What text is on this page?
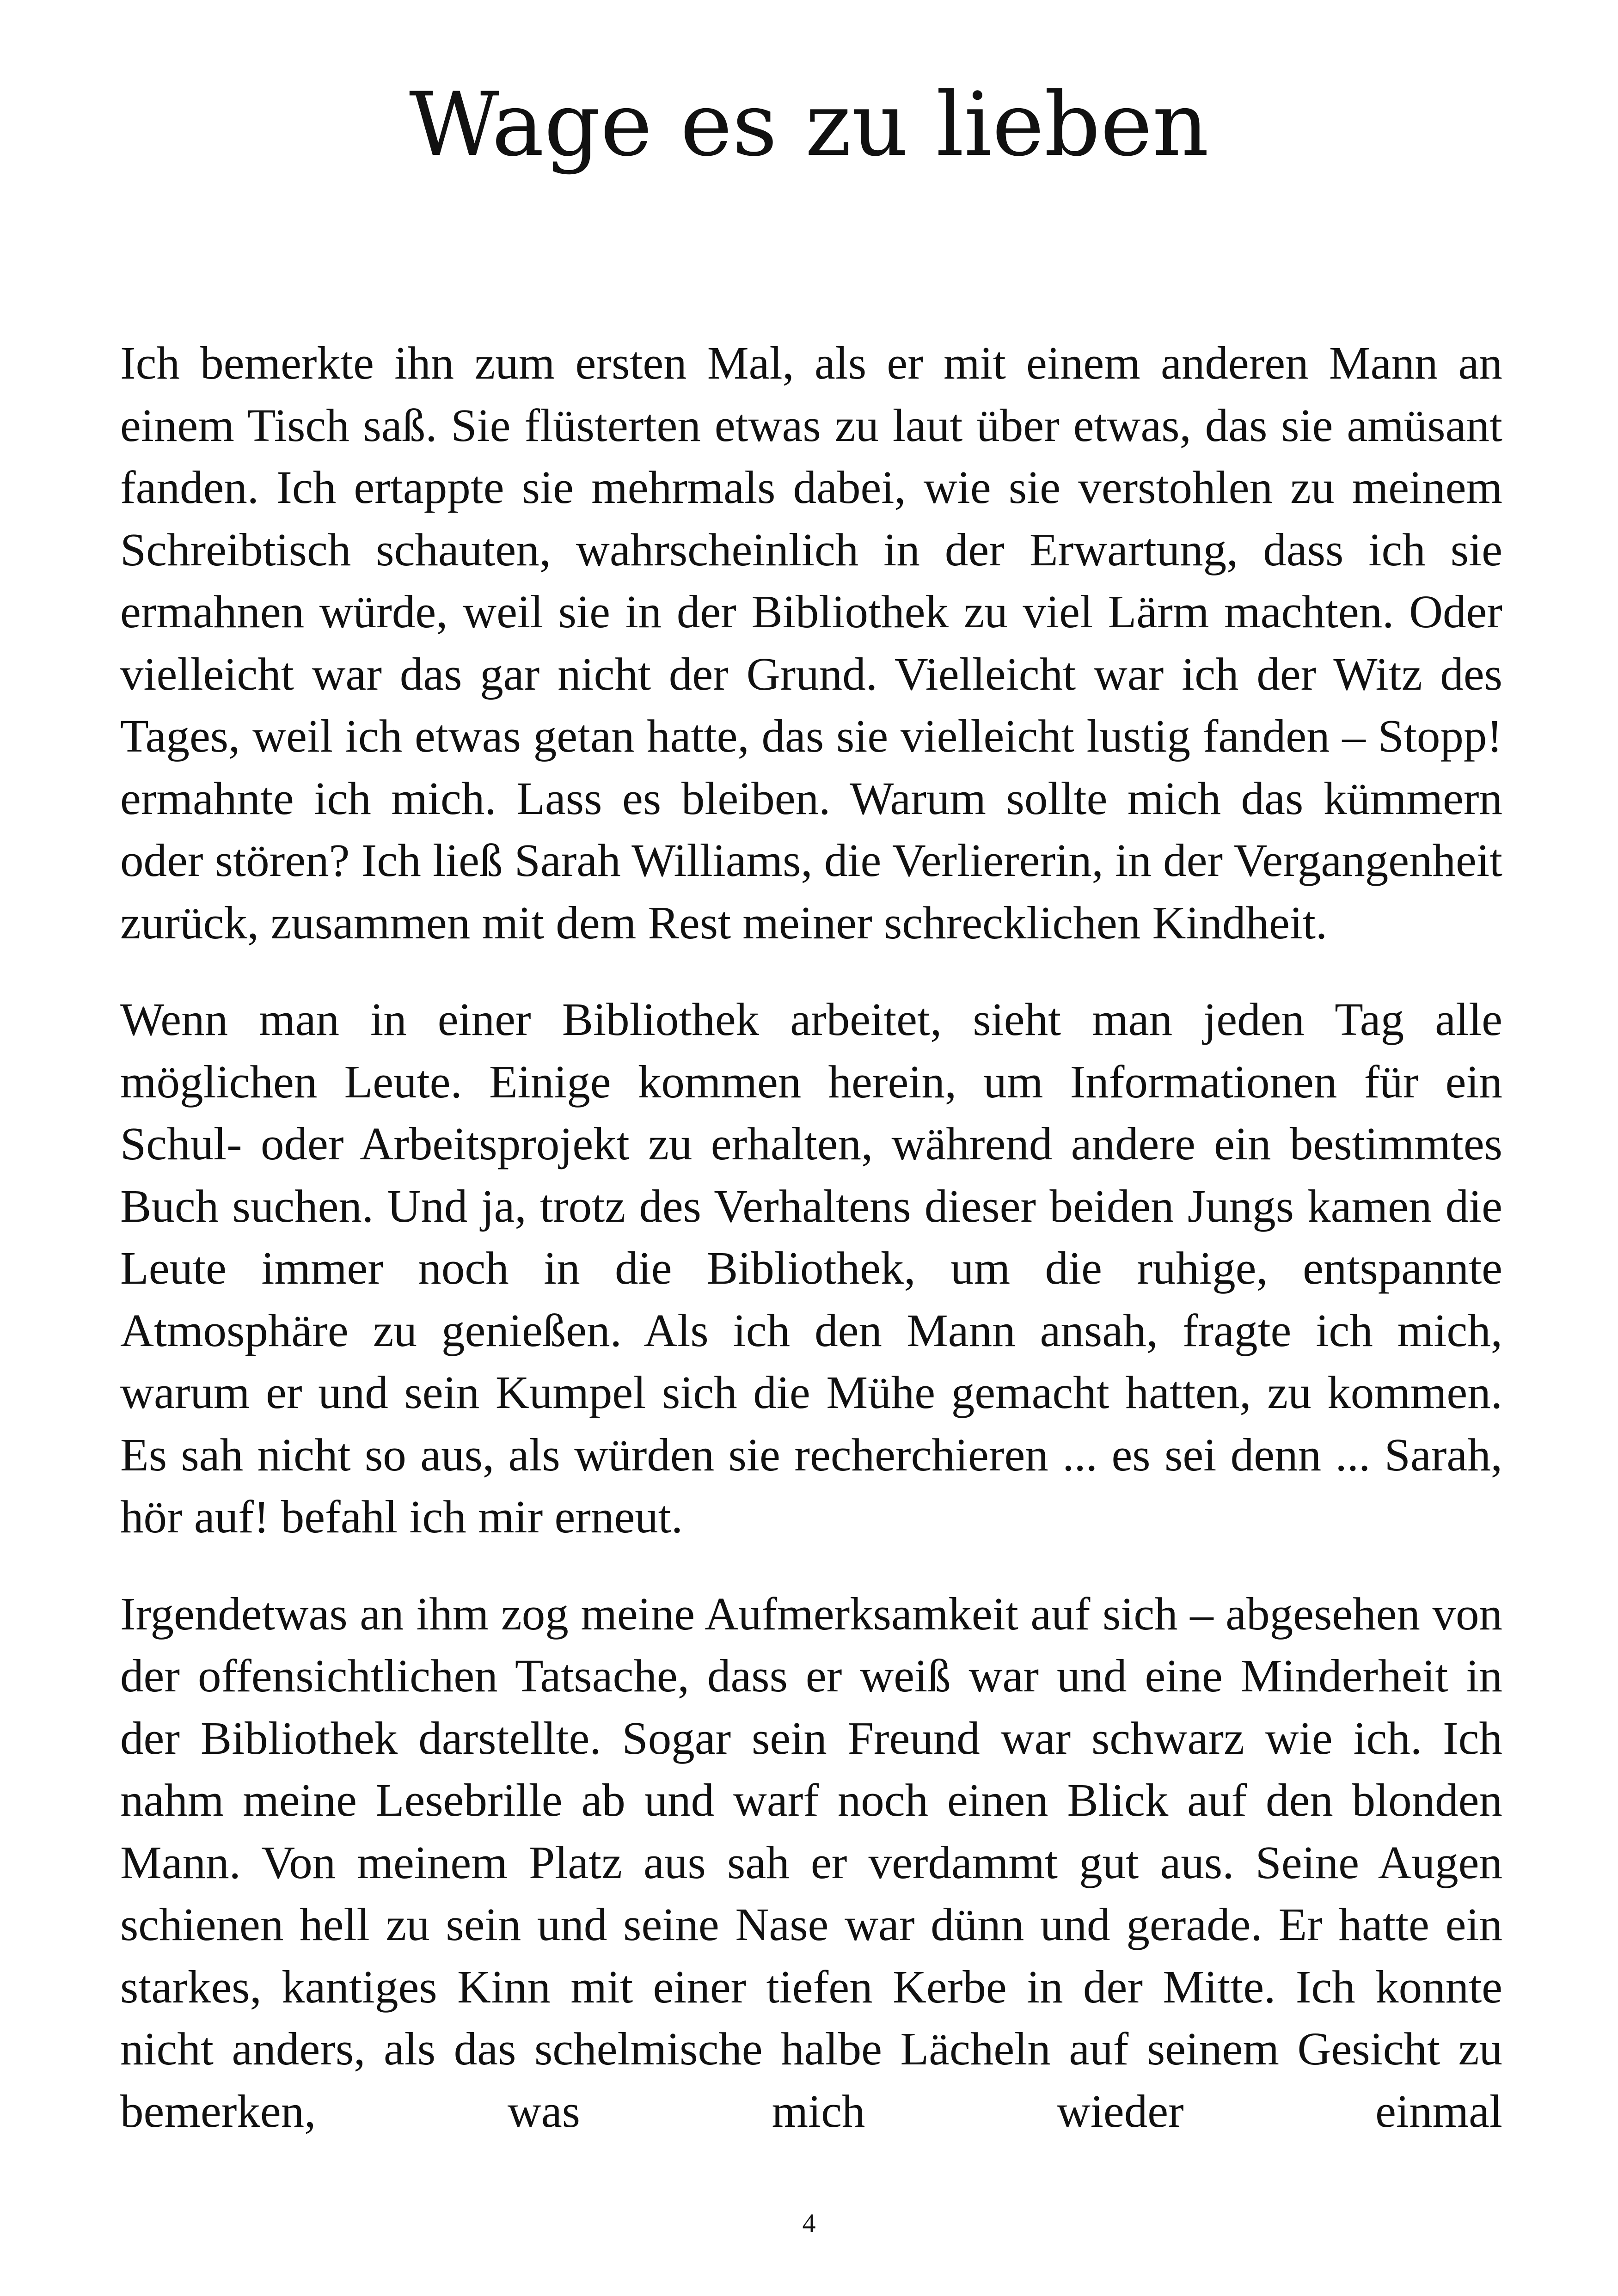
Wage es zu lieben

Ich bemerkte ihn zum ersten Mal, als er mit einem anderen Mann an einem Tisch saß. Sie flüsterten etwas zu laut über etwas, das sie amüsant fanden. Ich ertappte sie mehrmals dabei, wie sie verstohlen zu meinem Schreibtisch schauten, wahrscheinlich in der Erwartung, dass ich sie ermahnen würde, weil sie in der Bibliothek zu viel Lärm machten. Oder vielleicht war das gar nicht der Grund. Vielleicht war ich der Witz des Tages, weil ich etwas getan hatte, das sie vielleicht lustig fanden – Stopp! ermahnte ich mich. Lass es bleiben. Warum sollte mich das kümmern oder stören? Ich ließ Sarah Williams, die Verliererin, in der Vergangenheit zurück, zusammen mit dem Rest meiner schrecklichen Kindheit.

Wenn man in einer Bibliothek arbeitet, sieht man jeden Tag alle möglichen Leute. Einige kommen herein, um Informationen für ein Schul- oder Arbeitsprojekt zu erhalten, während andere ein bestimmtes Buch suchen. Und ja, trotz des Verhaltens dieser beiden Jungs kamen die Leute immer noch in die Bibliothek, um die ruhige, entspannte Atmosphäre zu genießen. Als ich den Mann ansah, fragte ich mich, warum er und sein Kumpel sich die Mühe gemacht hatten, zu kommen. Es sah nicht so aus, als würden sie recherchieren ... es sei denn ... Sarah, hör auf! befahl ich mir erneut.

Irgendetwas an ihm zog meine Aufmerksamkeit auf sich – abgesehen von der offensichtlichen Tatsache, dass er weiß war und eine Minderheit in der Bibliothek darstellte. Sogar sein Freund war schwarz wie ich. Ich nahm meine Lesebrille ab und warf noch einen Blick auf den blonden Mann. Von meinem Platz aus sah er verdammt gut aus. Seine Augen schienen hell zu sein und seine Nase war dünn und gerade. Er hatte ein starkes, kantiges Kinn mit einer tiefen Kerbe in der Mitte. Ich konnte nicht anders, als das schelmische halbe Lächeln auf seinem Gesicht zu bemerken, was mich wieder einmal

4
